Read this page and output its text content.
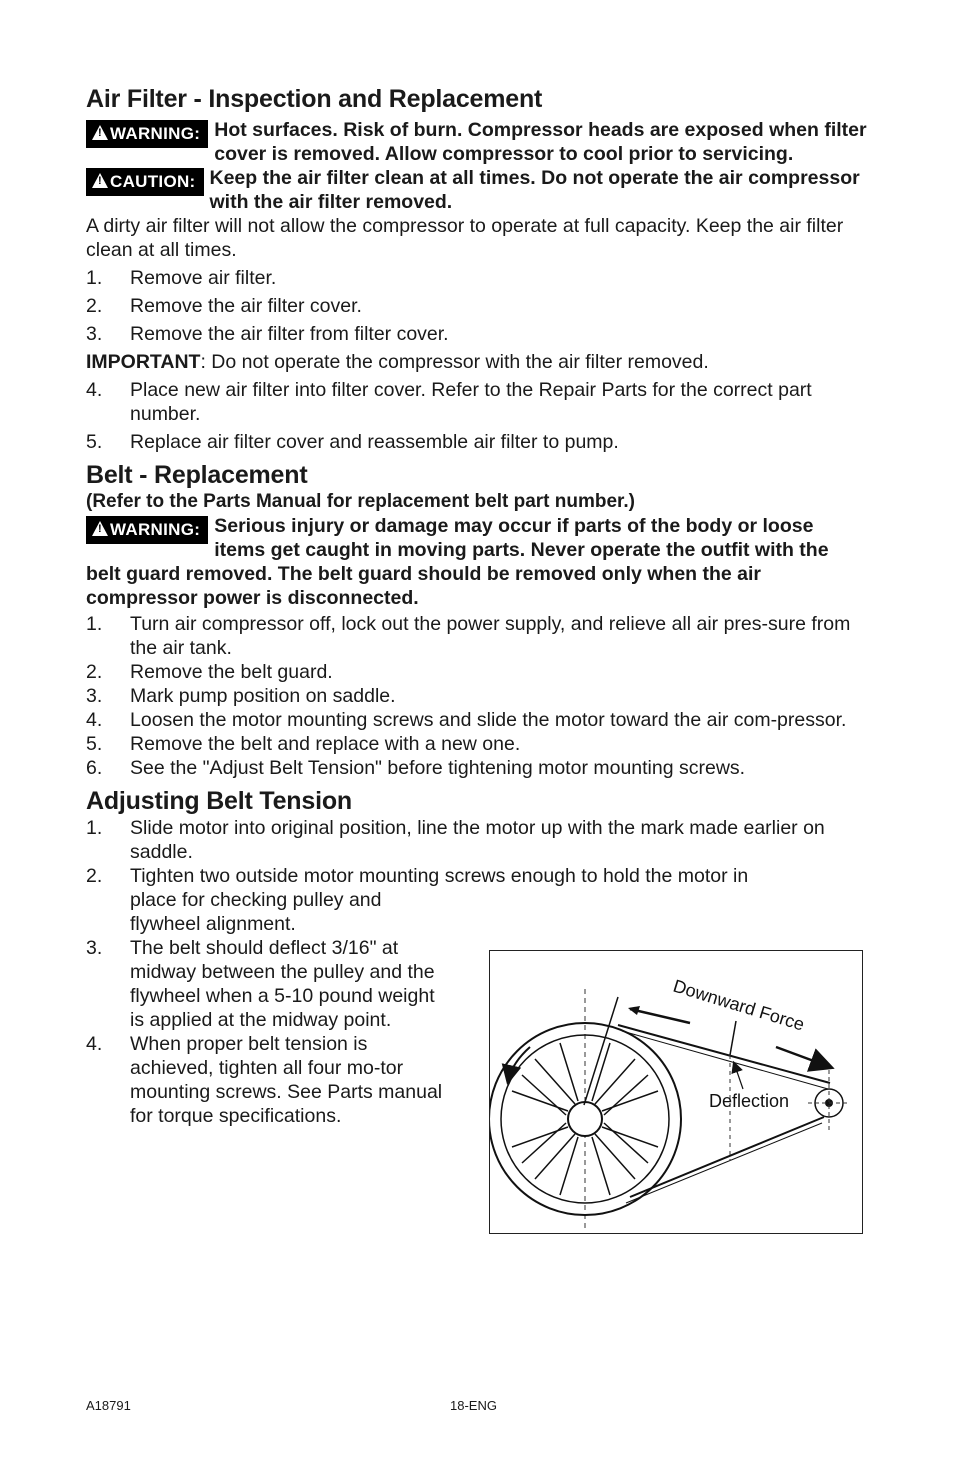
Air Filter - Inspection and Replacement
!WARNING: Hot surfaces. Risk of burn. Compressor heads are exposed when filter cover is removed. Allow compressor to cool prior to servicing.
!CAUTION: Keep the air filter clean at all times. Do not operate the air compressor with the air filter removed.

A dirty air filter will not allow the compressor to operate at full capacity. Keep the air filter clean at all times.

1. Remove air filter.
2. Remove the air filter cover.
3. Remove the air filter from filter cover.

IMPORTANT: Do not operate the compressor with the air filter removed.

4. Place new air filter into filter cover. Refer to the Repair Parts for the correct part number.
5. Replace air filter cover and reassemble air filter to pump.
Belt - Replacement
(Refer to the Parts Manual for replacement belt part number.)
!WARNING: Serious injury or damage may occur if parts of the body or loose items get caught in moving parts. Never operate the outfit with the belt guard removed. The belt guard should be removed only when the air compressor power is disconnected.
1. Turn air compressor off, lock out the power supply, and relieve all air pres-sure from the air tank.
2. Remove the belt guard.
3. Mark pump position on saddle.
4. Loosen the motor mounting screws and slide the motor toward the air com-pressor.
5. Remove the belt and replace with a new one.
6. See the "Adjust Belt Tension" before tightening motor mounting screws.
Adjusting Belt Tension
1. Slide motor into original position, line the motor up with the mark made earlier on saddle.
2. Tighten two outside motor mounting screws enough to hold the motor in
place for checking pulley and flywheel alignment.
3. The belt should deflect 3/16" at midway between the pulley and the flywheel when a 5-10 pound weight is applied at the midway point.
4. When proper belt tension is achieved, tighten all four mo-tor mounting screws. See Parts manual for torque specifications.
Downward Force
Deflection
A18791	18-ENG
